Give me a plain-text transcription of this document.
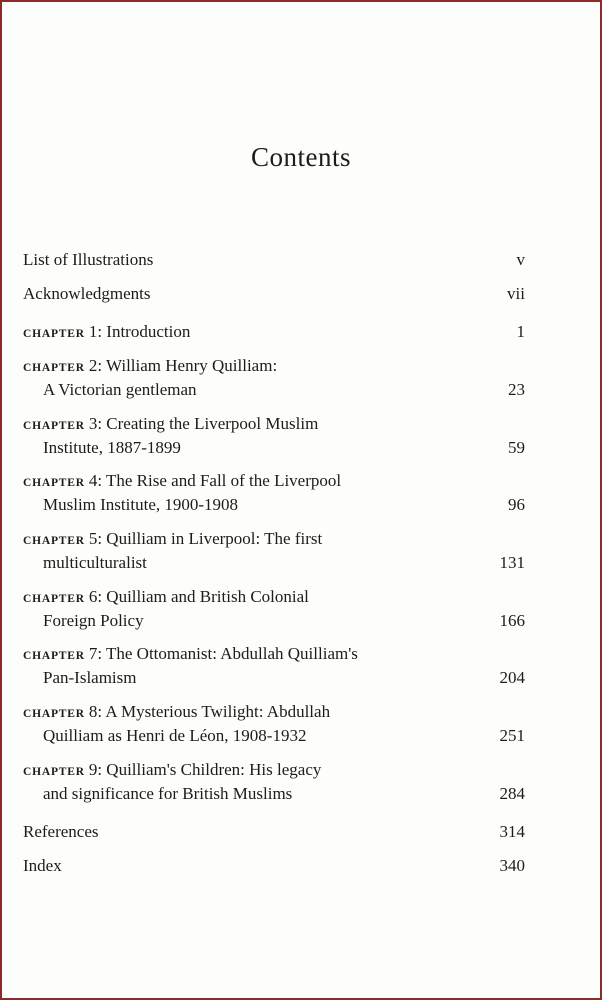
Contents
List of Illustrations	v
Acknowledgments	vii
CHAPTER 1: Introduction	1
CHAPTER 2: William Henry Quilliam:
A Victorian gentleman	23
CHAPTER 3: Creating the Liverpool Muslim
Institute, 1887-1899	59
CHAPTER 4: The Rise and Fall of the Liverpool
Muslim Institute, 1900-1908	96
CHAPTER 5: Quilliam in Liverpool: The first
multiculturalist	131
CHAPTER 6: Quilliam and British Colonial
Foreign Policy	166
CHAPTER 7: The Ottomanist: Abdullah Quilliam's
Pan-Islamism	204
CHAPTER 8: A Mysterious Twilight: Abdullah
Quilliam as Henri de Léon, 1908-1932	251
CHAPTER 9: Quilliam's Children: His legacy
and significance for British Muslims	284
References	314
Index	340
